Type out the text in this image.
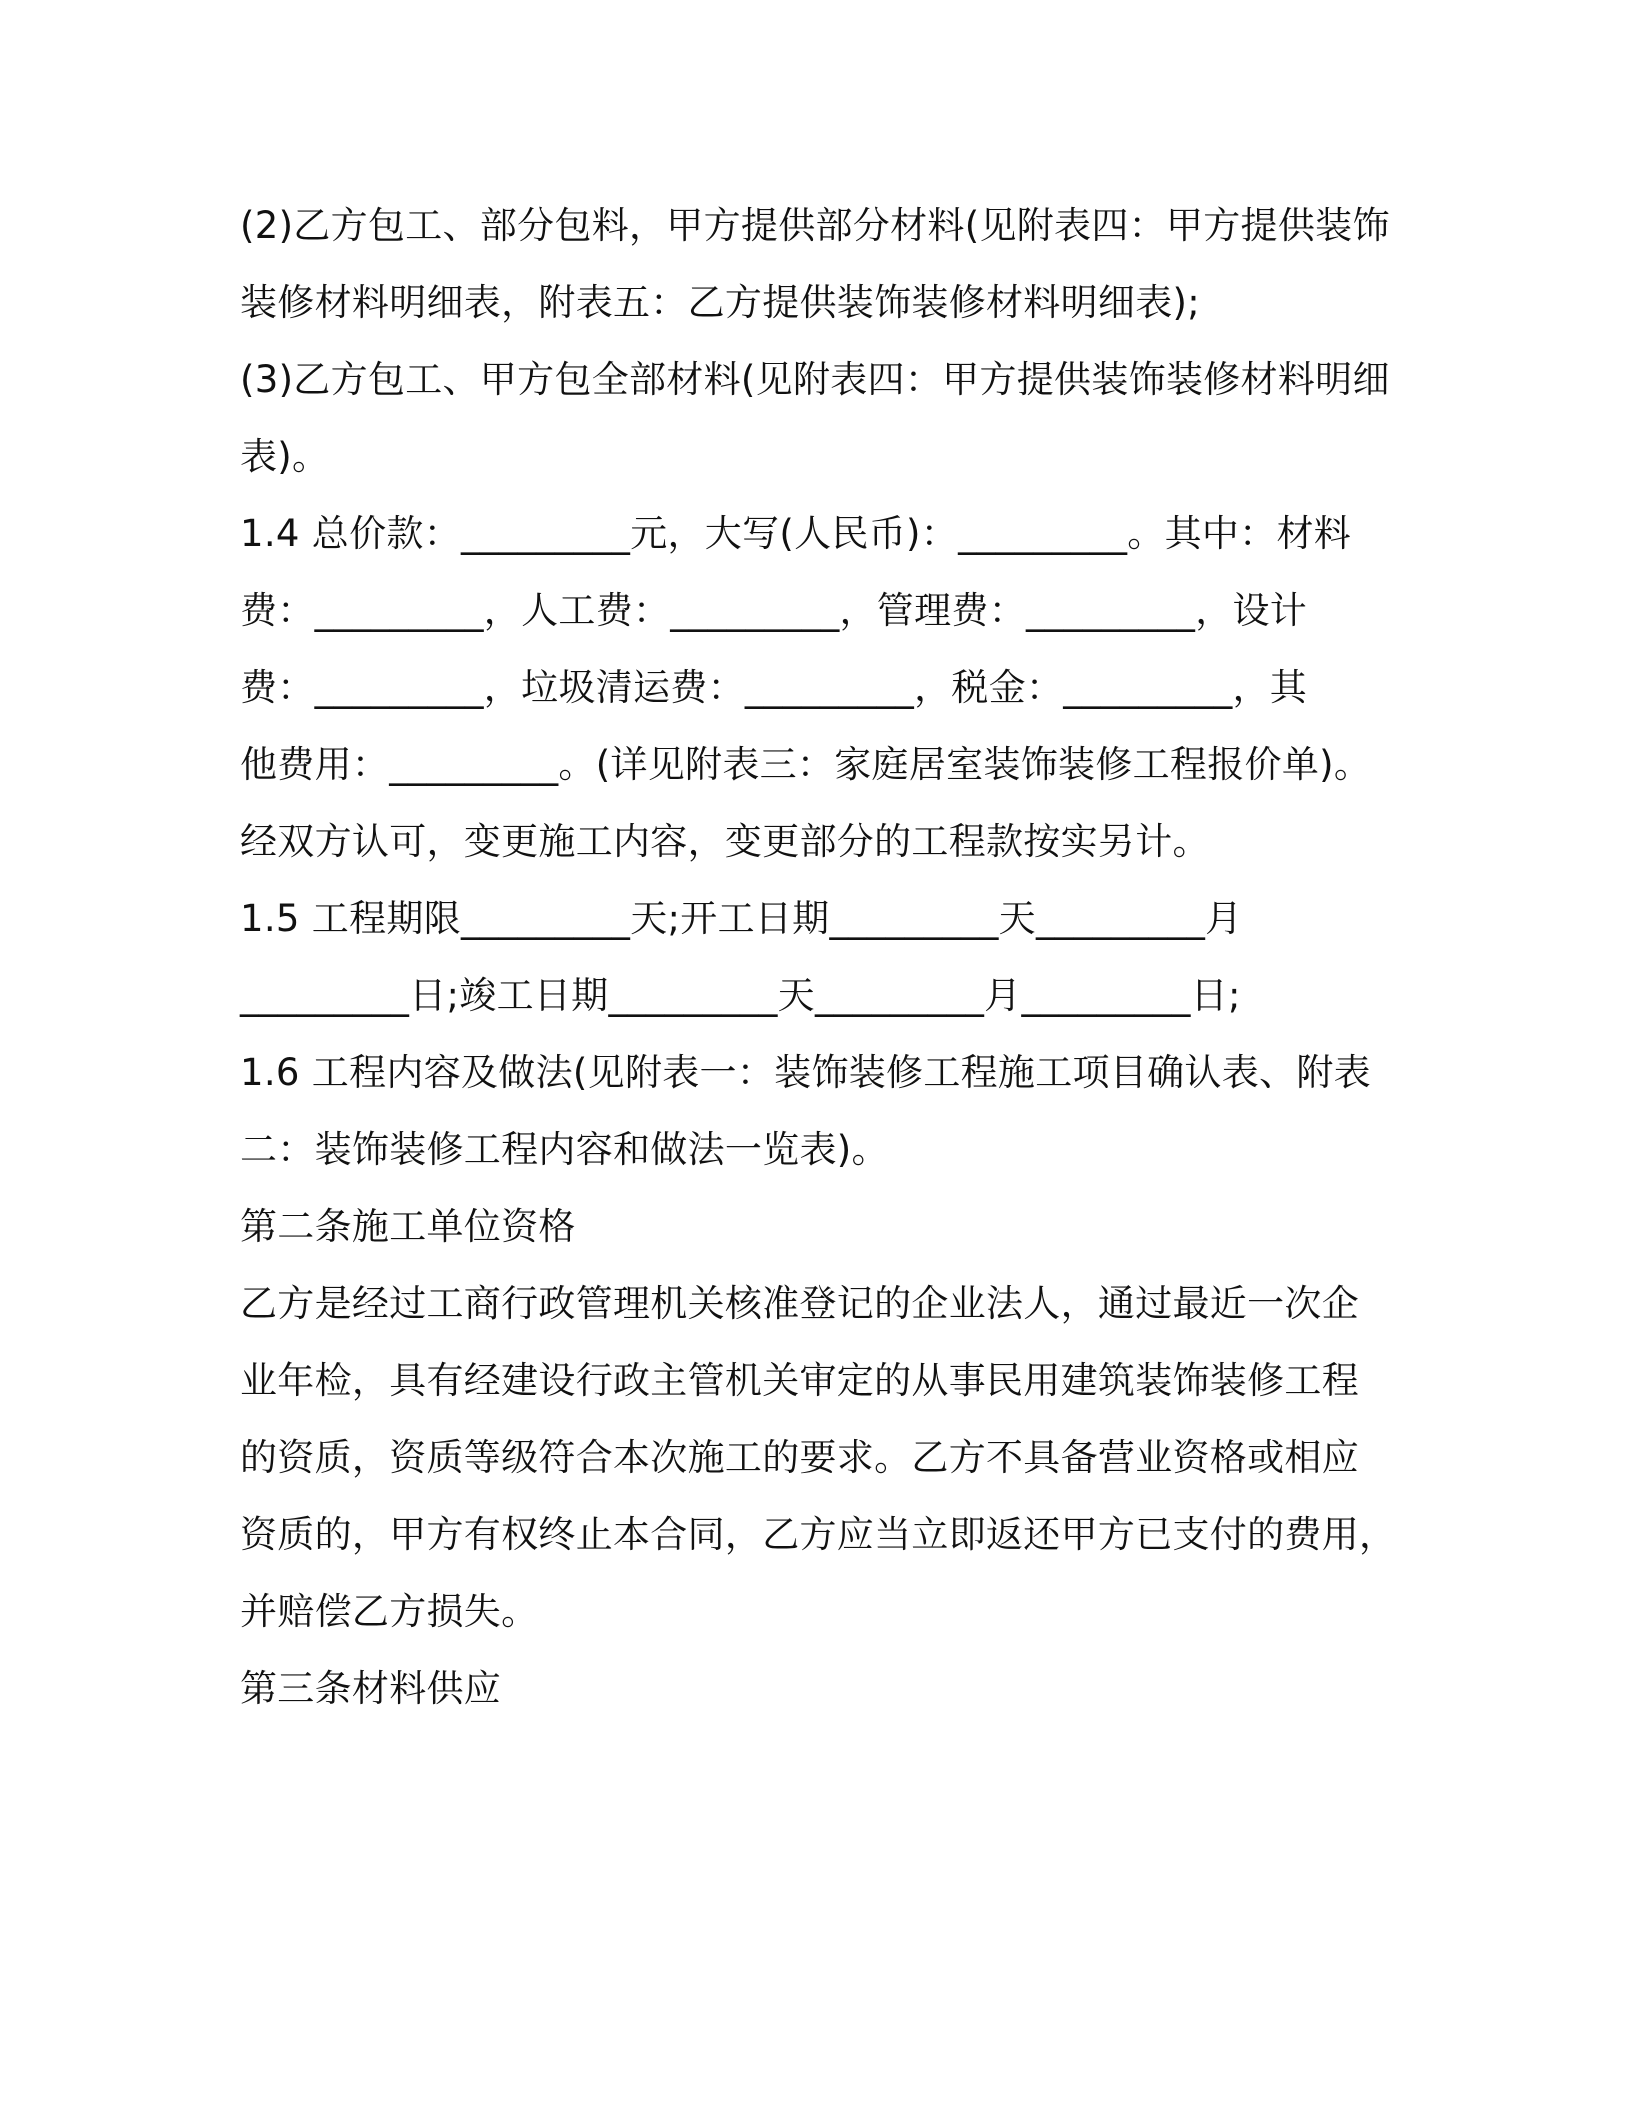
(2)乙方包工、部分包料，甲方提供部分材料(见附表四：甲方提供装饰
装修材料明细表，附表五：乙方提供装饰装修材料明细表);
(3)乙方包工、甲方包全部材料(见附表四：甲方提供装饰装修材料明细
表)。
1.4 总价款：_________元，大写(人民币)：_________。其中：材料
费：_________，人工费：_________，管理费：_________，设计
费：_________，垃圾清运费：_________，税金：_________，其
他费用：_________。(详见附表三：家庭居室装饰装修工程报价单)。
经双方认可，变更施工内容，变更部分的工程款按实另计。
1.5 工程期限_________天;开工日期_________天_________月
_________日;竣工日期_________天_________月_________日;
1.6 工程内容及做法(见附表一：装饰装修工程施工项目确认表、附表
二：装饰装修工程内容和做法一览表)。
第二条施工单位资格
乙方是经过工商行政管理机关核准登记的企业法人，通过最近一次企
业年检，具有经建设行政主管机关审定的从事民用建筑装饰装修工程
的资质，资质等级符合本次施工的要求。乙方不具备营业资格或相应
资质的，甲方有权终止本合同，乙方应当立即返还甲方已支付的费用，
并赔偿乙方损失。
第三条材料供应
